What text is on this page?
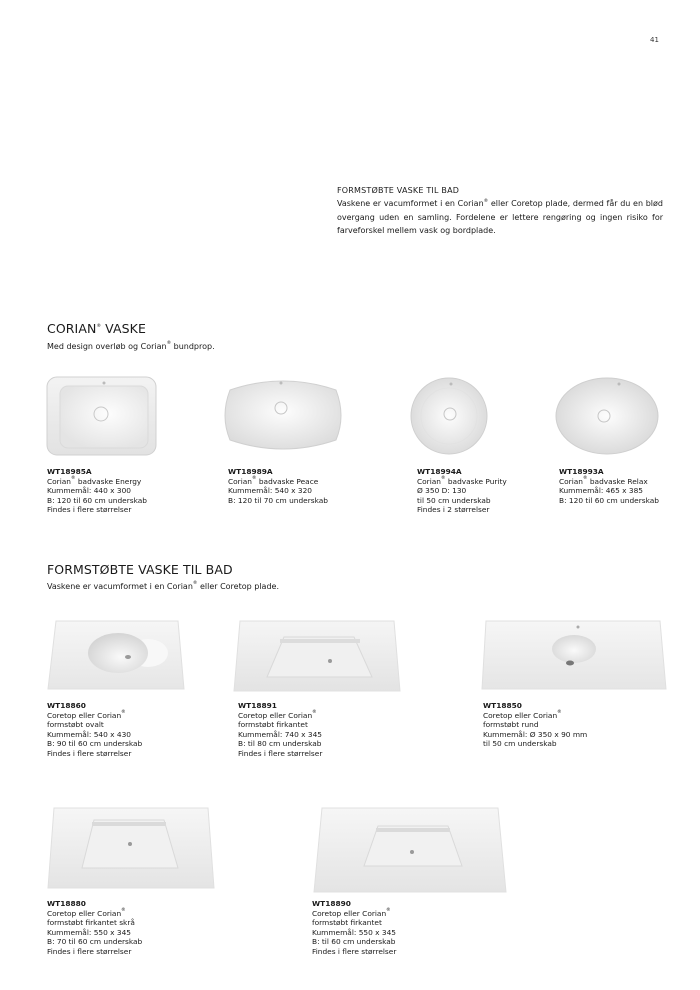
41
FORMSTØBTE VASKE TIL BAD
Vaskene er vacumformet i en Corian® eller Coretop plade, dermed får du en blød overgang uden en samling. Fordelene er lettere rengøring og ingen risiko for farveforskel mellem vask og bordplade.
CORIAN® VASKE
Med design overløb og Corian® bundprop.
WT18985A
Corian® badvaske Energy
Kummemål: 440 x 300
B: 120 til 60 cm underskab
Findes i flere størrelser
WT18989A
Corian® badvaske Peace
Kummemål: 540 x 320
B: 120 til 70 cm underskab
WT18994A
Corian® badvaske Purity
Ø 350 D: 130
til 50 cm underskab
Findes i 2 størrelser
WT18993A
Corian® badvaske Relax
Kummemål: 465 x 385
B: 120 til 60 cm underskab
FORMSTØBTE VASKE TIL BAD
Vaskene er vacumformet i en Corian® eller Coretop plade.
WT18860
Coretop eller Corian®
formstøbt ovalt
Kummemål: 540 x 430
B: 90 til 60 cm underskab
Findes i flere størrelser
WT18891
Coretop eller Corian®
formstøbt firkantet
Kummemål: 740 x 345
B: til 80 cm underskab
Findes i flere størrelser
WT18850
Coretop eller Corian®
formstøbt rund
Kummemål: Ø 350 x 90 mm
til 50 cm underskab
WT18880
Coretop eller Corian®
formstøbt firkantet skrå
Kummemål: 550 x 345
B: 70 til 60 cm underskab
Findes i flere størrelser
WT18890
Coretop eller Corian®
formstøbt firkantet
Kummemål: 550 x 345
B: til 60 cm underskab
Findes i flere størrelser
